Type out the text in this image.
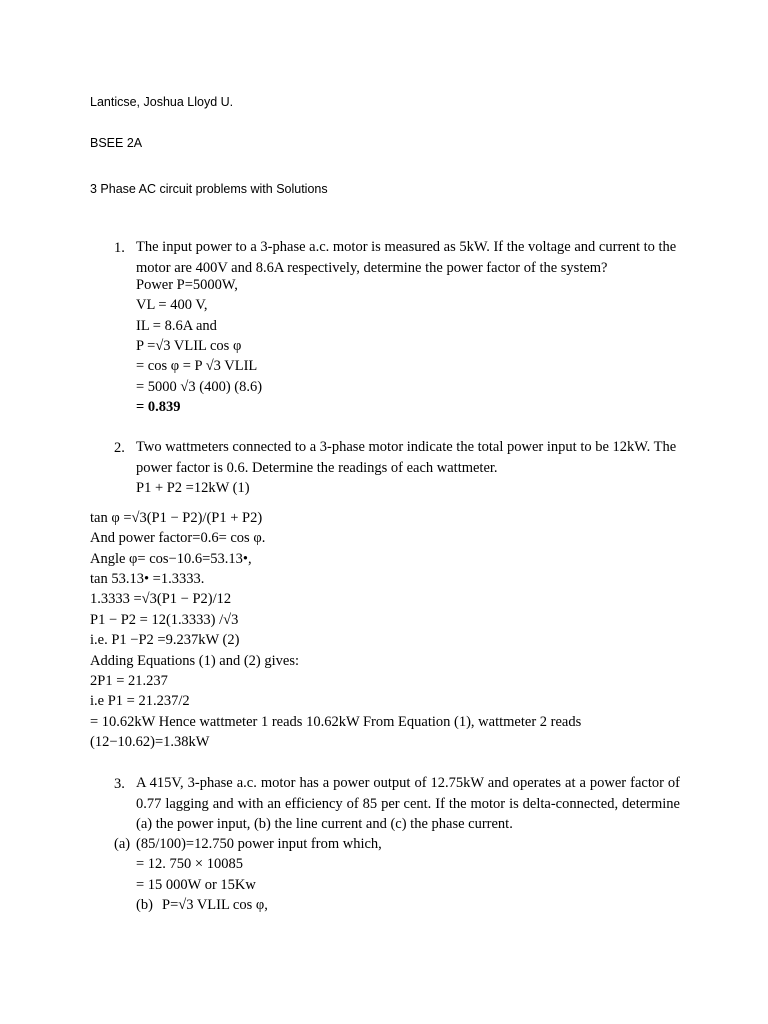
Lanticse, Joshua Lloyd U.
BSEE 2A
3 Phase AC circuit problems with Solutions
1. The input power to a 3-phase a.c. motor is measured as 5kW. If the voltage and current to the motor are 400V and 8.6A respectively, determine the power factor of the system?
Power P=5000W,
VL = 400 V,
IL = 8.6A and
P =√3 VLIL cos φ
= cos φ = P √3 VLIL
= 5000 √3 (400) (8.6)
= 0.839
2. Two wattmeters connected to a 3-phase motor indicate the total power input to be 12kW. The power factor is 0.6. Determine the readings of each wattmeter.
P1 + P2 =12kW (1)
tan φ =√3(P1 − P2)/(P1 + P2)
And power factor=0.6= cos φ.
Angle φ= cos−10.6=53.13•,
tan 53.13• =1.3333.
1.3333 =√3(P1 − P2)/12
P1 − P2 = 12(1.3333) /√3
i.e. P1 −P2 =9.237kW (2)
Adding Equations (1) and (2) gives:
2P1 = 21.237
i.e P1 = 21.237/2
= 10.62kW Hence wattmeter 1 reads 10.62kW From Equation (1), wattmeter 2 reads
(12−10.62)=1.38kW
3. A 415V, 3-phase a.c. motor has a power output of 12.75kW and operates at a power factor of 0.77 lagging and with an efficiency of 85 per cent. If the motor is delta-connected, determine (a) the power input, (b) the line current and (c) the phase current.
(a) (85/100)=12.750 power input from which,
= 12. 750 × 10085
= 15 000W or 15Kw
(b) P=√3 VLIL cos φ,
